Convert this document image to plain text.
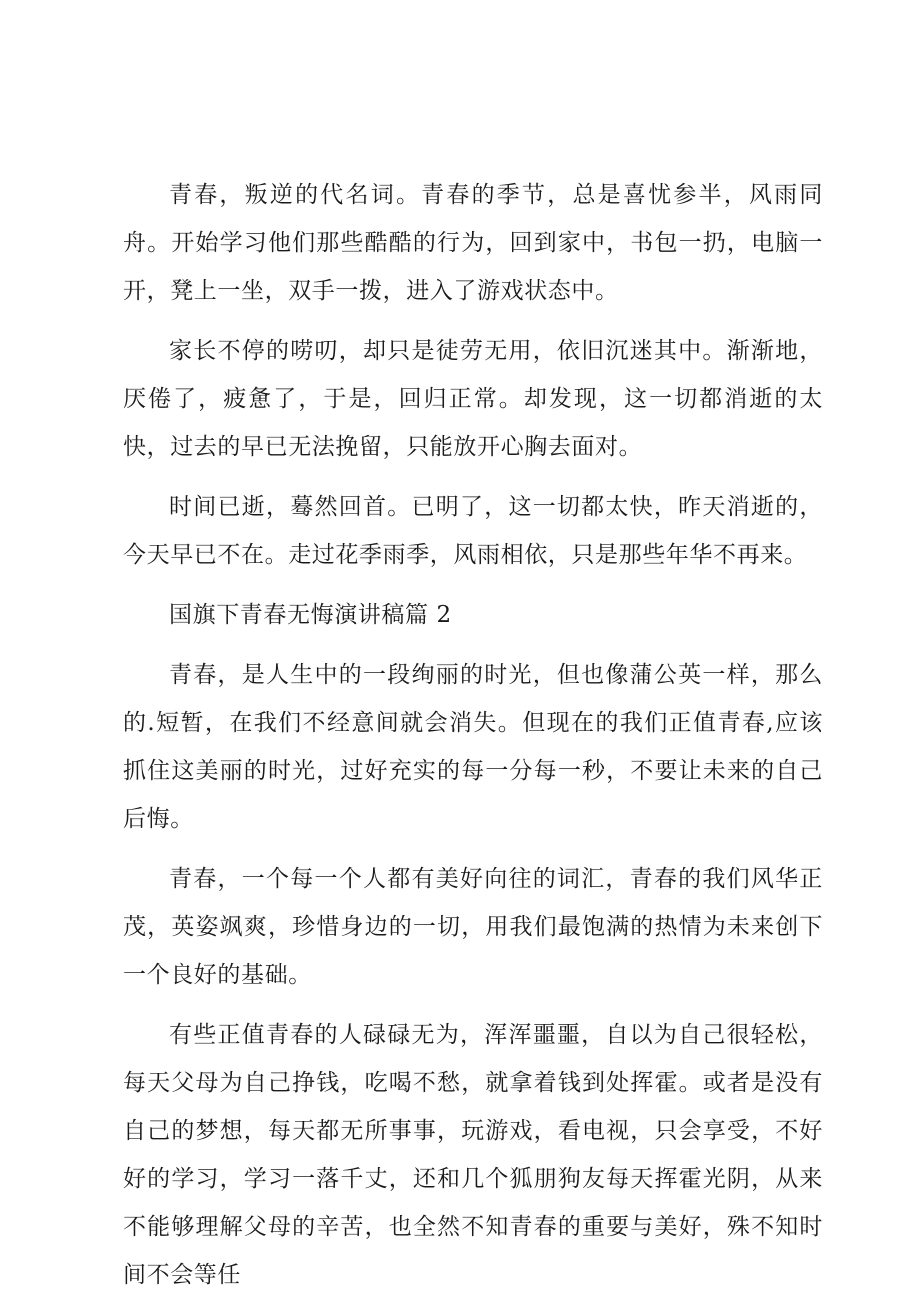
青春，叛逆的代名词。青春的季节，总是喜忧参半，风雨同舟。开始学习他们那些酷酷的行为，回到家中，书包一扔，电脑一开，凳上一坐，双手一拨，进入了游戏状态中。

家长不停的唠叨，却只是徒劳无用，依旧沉迷其中。渐渐地，厌倦了，疲惫了，于是，回归正常。却发现，这一切都消逝的太快，过去的早已无法挽留，只能放开心胸去面对。

时间已逝，蓦然回首。已明了，这一切都太快，昨天消逝的，今天早已不在。走过花季雨季，风雨相依，只是那些年华不再来。

国旗下青春无悔演讲稿篇 2

青春，是人生中的一段绚丽的时光，但也像蒲公英一样，那么的.短暂，在我们不经意间就会消失。但现在的我们正值青春,应该抓住这美丽的时光，过好充实的每一分每一秒，不要让未来的自己后悔。

青春，一个每一个人都有美好向往的词汇，青春的我们风华正茂，英姿飒爽，珍惜身边的一切，用我们最饱满的热情为未来创下一个良好的基础。

有些正值青春的人碌碌无为，浑浑噩噩，自以为自己很轻松，每天父母为自己挣钱，吃喝不愁，就拿着钱到处挥霍。或者是没有自己的梦想，每天都无所事事，玩游戏，看电视，只会享受，不好好的学习，学习一落千丈，还和几个狐朋狗友每天挥霍光阴，从来不能够理解父母的辛苦，也全然不知青春的重要与美好，殊不知时间不会等任
